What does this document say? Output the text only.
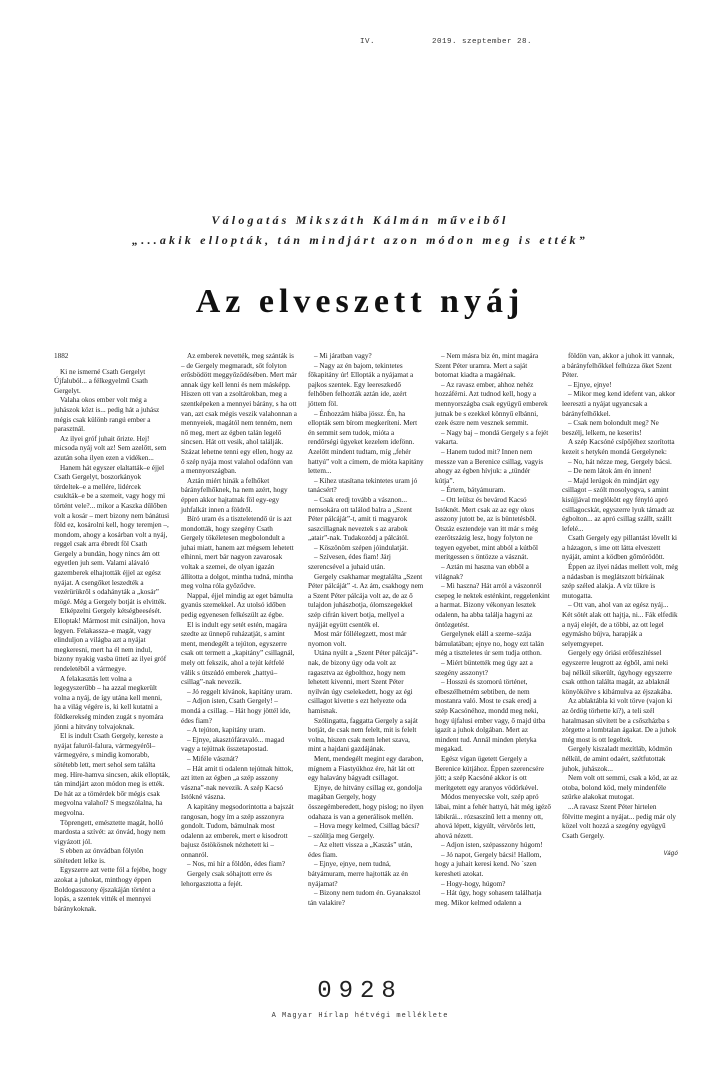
IV.	2019. szeptember 28.
Válogatás Mikszáth Kálmán műveiből
„...akik ellopták, tán mindjárt azon módon meg is ették”
Az elveszett nyáj

1882

Ki ne ismerné Csath Gergelyt Újfaluból... a félkegyelmű Csath Gergelyt.

Valaha okos ember volt még a juhászok közt is... pedig hát a juhász mégis csak különb rangú ember a parasztnál.

Az ilyei gróf juhait őrizte. Hej! micsoda nyáj volt az! Sem azelőtt, sem azután soha ilyen ezen a vidéken...

Hanem hát egyszer elaltatták–e éjjel Csath Gergelyt, boszorkányok tërdeltek–e a mellére, lidércek csuklták–e be a szemeit, vagy hogy mi történt vele?... mikor a Kaszka dűlőben volt a kosár – mert bizony nem bánátusi föld ez, kosárolni kell, hogy teremjen –, mondom, ahogy a kosárban volt a nyáj, reggel csak arra ébredt föl Csath Gergely a bundán, hogy nincs ám ott egyetlen juh sem. Valami alávaló gazemberek elhajtották éjjel az egész nyájat. A csengőket leszedték a vezérürükről s odahányták a „kosár” mögé. Még a Gergely botját is elvitték.

Elképzelni Gergely kétségbeesését. Elloptak! Mármost mit csináljon, hova legyen. Felakassza–e magát, vagy elinduljon a világba azt a nyájat megkeresni, mert ha él nem indul, bizony nyakig vasba üttetí az ilyei gróf rendeletéből a vármegye.

A felakasztás lett volna a legegyszerűbb – ha azzal megkerült volna a nyáj, de így utána kell menni, ha a világ végére is, ki kell kutatni a földkerekség minden zugát s nyomára jönni a hitvány tolvajoknak.

El is indult Csath Gergely, kereste a nyájat faluról-falura, vármegyéről–vármegyére, s mindig komorabb, sötétebb lett, mert sehol sem találta meg. Híre-hamva sincsen, akik ellopták, tán mindjárt azon módon meg is ették. De hát az a tömérdek bőr mégis csak megvolna valahol? S megszólalna, ha megvolna.

Töprengett, emésztette magát, holló mardosta a szívét: az ónvád, hogy nem vigyázott jól.

S ebben az ónvádban fölytön sötétedett lelke is.

Egyszerre azt vette föl a fejébe, hogy azokat a juhokat, minthogy éppen Boldogasszony éjszakáján történt a lopás, a szentek vitték el mennyei báránykoknak.

Az emberek nevették, meg szánták is – de Gergely megmaradt, sőt folyton erősbödött meggyőződésében. Mert már annak úgy kell lenni és nem másképp. Hiszen ott van a zsoltárokban, meg a szentképeken a mennyei bárány, s ha ott van, azt csak mégis veszik valahonnan a mennyeiek, magától nem tenném, nem nő meg, mert az égben talán legelő sincsen. Hát ott vesik, ahol találják. Százat lehetne tenni egy ellen, hogy az ő szép nyája most valahol odafönn van a mennyországban.

Aztán miért hinák a felhőket bárányfelhőknek, ha nem azért, hogy éppen akkor hajtatnak föl egy-egy juhfalkát innen a földről.

Bíró uram és a tiszteletendő úr is azt mondották, hogy szegény Csath Gergely tökéletesen megbolondult a juhai miatt, hanem azt mégsem lehetett elhinni, mert bár nagyon zavarosak voltak a szemei, de olyan igazán állította a dolgot, mintha tudná, mintha meg volna róla győződve.

Nappal, éjjel mindig az eget bámulta gyanús szemekkel. Az utolsó időben pedig egyenesen felkészült az égbe.

El is indult egy setét estén, magára szedte az ünnepő ruházatját, s amint ment, mendegélt a tejúton, egyszerre csak ott termett a „kapitány” csillagnál, mely ott fekszik, ahol a tejút kétfelé válik s útszúdó emberek „hattyú–csillag”-nak nevezik.

– Jó reggelt kívánok, kapitány uram.

– Adjon isten, Csath Gergely! – mondá a csillag. – Hát hogy jöttél ide, édes fiam?

– A tejúton, kapitány uram.

– Ejnye, akasztófáravaló... magad vagy a tejútnak összetapostad.

– Miféle vásznát?

– Hát amit ti odalenn tejútnak hittok, azt itten az égben „a szép asszony vászna”-nak nevezik. A szép Kacsó Istókné vászna.

A kapitány megsodorintotta a bajszát rangosan, hogy ím a szép asszonyra gondolt. Tudom, bámulnak most odalenn az emberek, mert e kisodrott bajusz őstökösnek nézhetett ki – onnanról.

– Nos, mi hír a földön, édes fiam?

Gergely csak sóhajtott erre és lehorgasztotta a fejét.

– Mi járatban vagy?

– Nagy az én bajom, tekintetes főkapitány úr! Ellopták a nyájamat a pajkos szentek. Egy leereszkedő felhőben felhozták aztán ide, azért jöttem föl.

– Énhozzám hiába jössz. Én, ha ellopták sem bírom megkeríteni. Mert én semmit sem tudok, mióta a rendőrségi ügyeket kezelem idefönn. Azelőtt mindent tudtam, míg „fehér hattyú” volt a címem, de mióta kapitány lettem...

– Kihez utasítana tekintetes uram jó tanácsért?

– Csak eredj tovább a vásznon... nemsokára ott találod balra a „Szent Péter pálcáját”-t, amit ti magyarok saszcillagnak neveztek s az arabok „atair”-nak. Tudakozódj a pálcától.

– Köszönöm szépen jóindulatját.

– Szívesen, édes fiam! Járj szerencsével a juhaid után.

Gergely csakhamar megtalálta „Szent Péter pálcáját” -t. Az ám, csakhogy nem a Szent Péter pálcája volt az, de az ő tulajdon juhászbotja, ólomszegekkel szép cifrán kivert botja, mellyel a nyájját együtt csenték el.

Most már föllélegzett, most már nyomon volt.

Utána nyúlt a „Szent Péter pálcájá”-nak, de bizony úgy oda volt az ragasztva az égbolthoz, hogy nem lehetett kivenni, mert Szent Péter nyilván úgy cselekedett, hogy az égi csillagot kivette s ezt helyezte oda hamisnak.

Szólingatta, faggatta Gergely a saját botját, de csak nem felelt, mit is felelt volna, hiszen csak nem lehet szava, mint a hajdani gazdájának.

Ment, mendegélt megint egy darabon, mígnem a Fiastyúkhoz ére, hát lát ott egy halavány bágyadt csillagot.

Ejnye, de hitvány csillag ez, gondolja magában Gergely, hogy összegémberedett, hogy pislog; no ilyen odahaza is van a generálisok mellén.

– Hova megy kelmed, Csillag bácsi? – szólítja meg Gergely.

– Az eltett vissza a „Kaszás” után, édes fiam.

– Ejnye, ejnye, nem tudná, bátyámuram, merre hajtották az én nyájamat?

– Bizony nem tudom én. Gyanakszol tán valakire?

– Nem másra biz én, mint magára Szent Péter uramra. Mert a saját botomat kiadta a magáénak.

– Az ravasz ember, ahhoz nehéz hozzáférni. Azt tudnod kell, hogy a mennyországba csak együgyű emberek jutnak be s ezekkel könnyű elbánni, ezek észre nem vesznek semmit.

– Nagy baj – mondá Gergely s a fejét vakarta.

– Hanem tudod mit? Innen nem messze van a Berenice csillag, vagyis ahogy az égben hívjuk: a „tündér kútja”.

– Értem, bátyámuram.

– Ott leülsz és bevárod Kacsó Istóknét. Mert csak az az egy okos asszony jutott be, az is büntetésből. Ötszáz esztendeje van itt már s még ezerötszázig lesz, hogy folyton ne tegyen egyebet, mint abból a kútből merítgessen s öntözze a vásznát.

– Aztán mi haszna van ebből a világnak?

– Mi haszna? Hát arról a vászonról csepeg le nektek esténkint, reggelenkint a harmat. Bizony vékonyan lesztek odalenn, ha abba találja hagyni az öntözgetést.

Gergelynek eláll a szeme–szája bámulatában; ejnye no, hogy ezt talán még a tiszteletes úr sem tudja otthon.

– Miért büntették meg úgy azt a szegény asszonyt?

– Hosszú és szomorú történet, elbeszélhetném sebtiben, de nem mostanra való. Most te csak eredj a szép Kacsónéhoz, mondd meg neki, hogy újfalusi ember vagy, ő majd útba igazít a juhok dolgában. Mert az mindent tud. Annál minden pletyka megakad.

Egész vígan ügetett Gergely a Berenice kútjához. Éppen szerencsére jött; a szép Kacsóné akkor is ott merítgetett egy aranyos vödörkével.

Módos menyecske volt, szép apró lábai, mint a fehér hattyú, hát még igéző lábikrái... rózsaszínű lett a menny ott, ahová lépett, kigyúlt, vérvörös lett, ahová nézett.

– Adjon isten, szépasszony húgom!

– Jó napot, Gergely bácsi! Hallom, hogy a juhait keresi kend. No ´szen keresheti azokat.

– Hogy-hogy, húgom?

– Hát úgy, hogy sohasem találhatja meg. Mikor kelmed odalenn a

földön van, akkor a juhok itt vannak, a bárányfelhőkkel felhúzza őket Szent Péter.

– Ejnye, ejnye!

– Mikor meg kend idefent van, akkor leereszti a nyájat ugyancsak a bárányfelhőkkel.

– Csak nem bolondult meg? Ne beszélj, lelkem, ne keserits!

A szép Kacsóné csípőjéhez szorította kezeit s hetykén mondá Gergelynek:

– No, hát nézze meg, Gergely bácsi.

– De nem látok ám én innen!

– Majd lerúgok én mindjárt egy csillagot – szólt mosolyogva, s amint kisújjával meglökött egy fényló apró csillagocskát, egyszerre lyuk támadt az égbolton... az apró csillag szállt, szállt lefelé...

Csath Gergely egy pillantást lövellt ki a házagon, s ime ott látta elveszett nyáját, amint a ködben gőmörödött.

Éppen az ilyei nádas mellett volt, még a nádasban is meglátszott bírkáinak szép széled alakja. A víz tükre is mutogatta.

– Ott van, ahol van az egész nyáj... Két sötét alak ott hajtja, ni... Fák elfedik a nyáj elejét, de a többi, az ott legel egymásho bújva, harapják a selyemgyepet.

Gergely egy óriási erőfeszítéssel egyszerre leugrott az égből, ami neki baj nélkül sikerült, úgyhogy egyszerre csak otthon találta magát, az ablaknál könyökölve s kibámulva az éjszakába.

Az ablaktábla ki volt törve (vajon ki az ördög törhette ki?), a teli szél hatalmasan süvített be a csőszházba s zörgette a lombtalan ágakat. De a juhok még most is ott legeltek.

Gergely kiszaladt mezítláb, ködmön nélkül, de amint odaért, szétfutottak juhok, juhászok...

Nem volt ott semmi, csak a köd, az az otoba, bolond köd, mely mindenféle szürke alakokat mutogat.

...A ravasz Szent Péter hirtelen fölvitte megint a nyájat... pedig már oly közel volt hozzá a szegény együgyű Csath Gergely.

Vágó

0928
A Magyar Hírlap hétvégi melléklete
